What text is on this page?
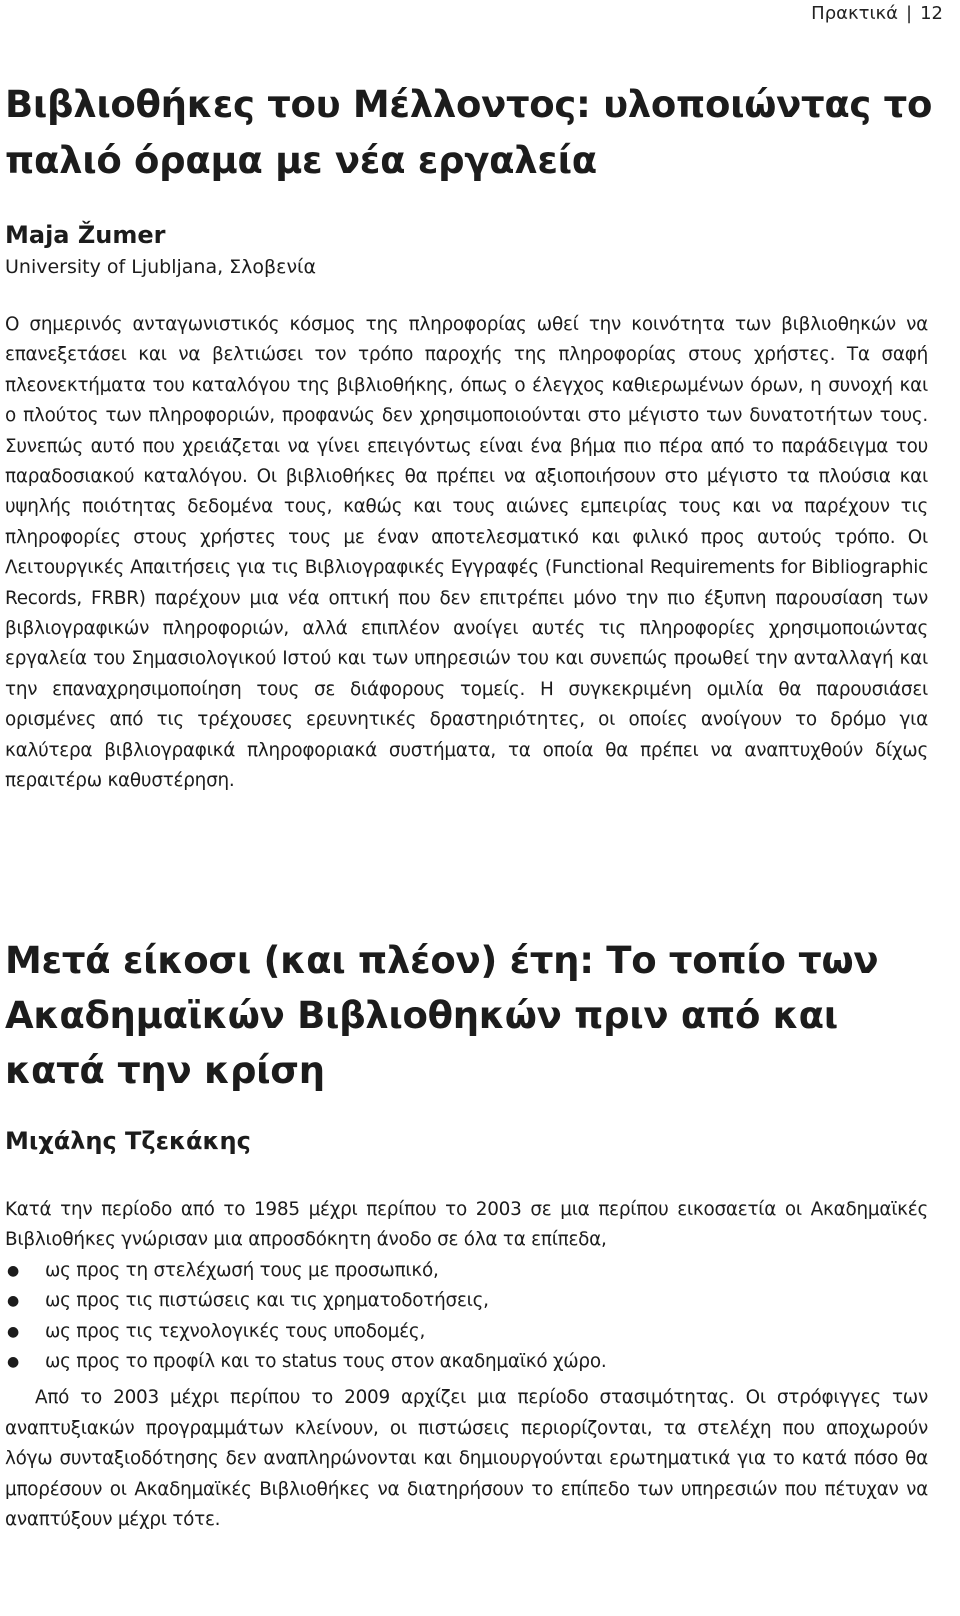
Πρακτικά | 12
Βιβλιοθήκες του Μέλλοντος: υλοποιώντας το παλιό όραμα με νέα εργαλεία

Maja Žumer

University of Ljubljana, Σλοβενία

Ο σημερινός ανταγωνιστικός κόσμος της πληροφορίας ωθεί την κοινότητα των βιβλιοθηκών να επανεξετάσει και να βελτιώσει τον τρόπο παροχής της πληροφορίας στους χρήστες. Τα σαφή πλεονεκτήματα του καταλόγου της βιβλιοθήκης, όπως ο έλεγχος καθιερωμένων όρων, η συνοχή και ο πλούτος των πληροφοριών, προφανώς δεν χρησιμοποιούνται στο μέγιστο των δυνατοτήτων τους. Συνεπώς αυτό που χρειάζεται να γίνει επειγόντως είναι ένα βήμα πιο πέρα από το παράδειγμα του παραδοσιακού καταλόγου. Οι βιβλιοθήκες θα πρέπει να αξιοποιήσουν στο μέγιστο τα πλούσια και υψηλής ποιότητας δεδομένα τους, καθώς και τους αιώνες εμπειρίας τους και να παρέχουν τις πληροφορίες στους χρήστες τους με έναν αποτελεσματικό και φιλικό προς αυτούς τρόπο. Οι Λειτουργικές Απαιτήσεις για τις Βιβλιογραφικές Εγγραφές (Functional Requirements for Bibliographic Records, FRBR) παρέχουν μια νέα οπτική που δεν επιτρέπει μόνο την πιο έξυπνη παρουσίαση των βιβλιογραφικών πληροφοριών, αλλά επιπλέον ανοίγει αυτές τις πληροφορίες χρησιμοποιώντας εργαλεία του Σημασιολογικού Ιστού και των υπηρεσιών του και συνεπώς προωθεί την ανταλλαγή και την επαναχρησιμοποίηση τους σε διάφορους τομείς. Η συγκεκριμένη ομιλία θα παρουσιάσει ορισμένες από τις τρέχουσες ερευνητικές δραστηριότητες, οι οποίες ανοίγουν το δρόμο για καλύτερα βιβλιογραφικά πληροφοριακά συστήματα, τα οποία θα πρέπει να αναπτυχθούν δίχως περαιτέρω καθυστέρηση.

Μετά είκοσι (και πλέον) έτη: Το τοπίο των Ακαδημαϊκών Βιβλιοθηκών πριν από και κατά την κρίση

Μιχάλης Τζεκάκης

Κατά την περίοδο από το 1985 μέχρι περίπου το 2003 σε μια περίπου εικοσαετία οι Ακαδημαϊκές Βιβλιοθήκες γνώρισαν μια απροσδόκητη άνοδο σε όλα τα επίπεδα,

● ως προς τη στελέχωσή τους με προσωπικό,
● ως προς τις πιστώσεις και τις χρηματοδοτήσεις,
● ως προς τις τεχνολογικές τους υποδομές,
● ως προς το προφίλ και το status τους στον ακαδημαϊκό χώρο.

Από το 2003 μέχρι περίπου το 2009 αρχίζει μια περίοδο στασιμότητας. Οι στρόφιγγες των αναπτυξιακών προγραμμάτων κλείνουν, οι πιστώσεις περιορίζονται, τα στελέχη που αποχωρούν λόγω συνταξιοδότησης δεν αναπληρώνονται και δημιουργούνται ερωτηματικά για το κατά πόσο θα μπορέσουν οι Ακαδημαϊκές Βιβλιοθήκες να διατηρήσουν το επίπεδο των υπηρεσιών που πέτυχαν να αναπτύξουν μέχρι τότε.
